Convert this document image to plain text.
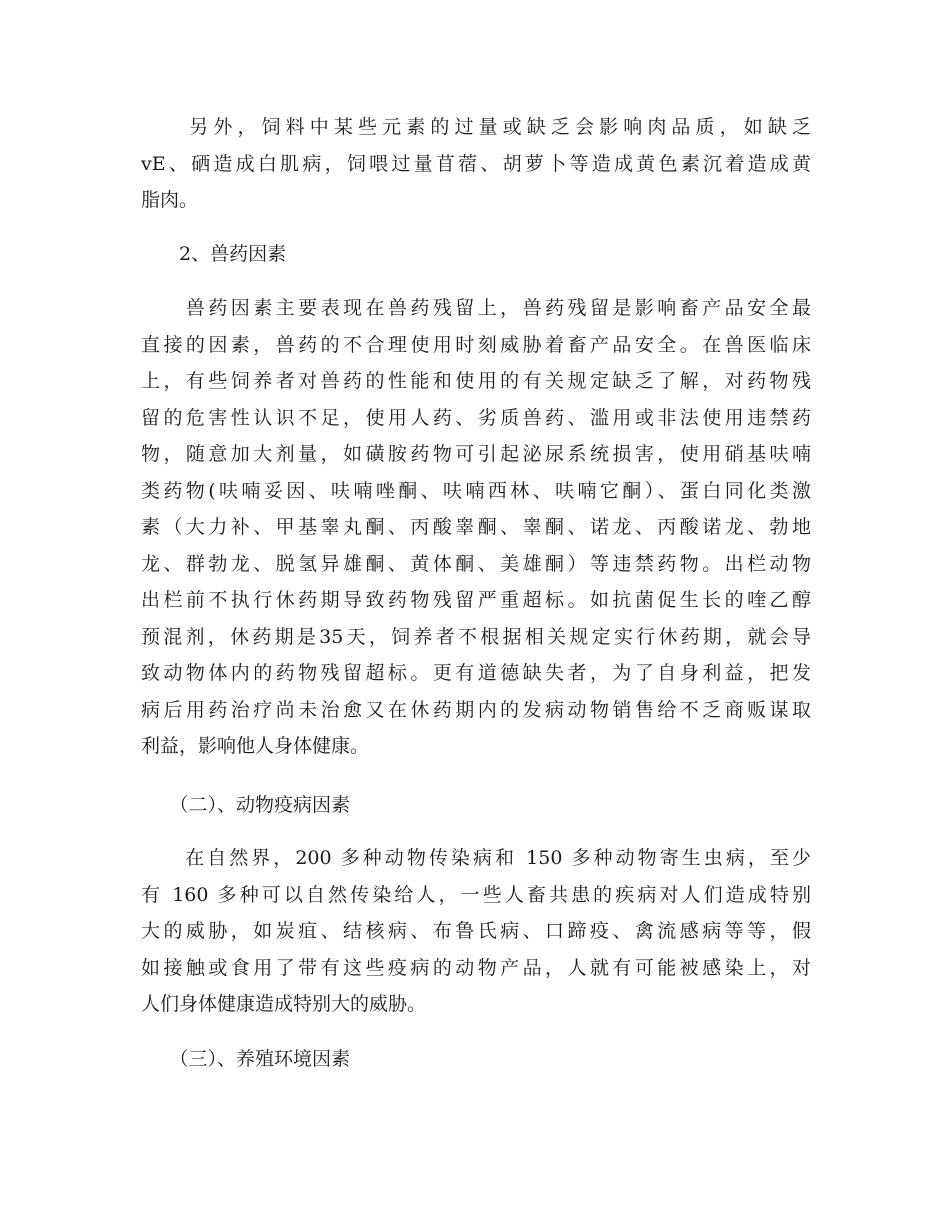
　　另外，饲料中某些元素的过量或缺乏会影响肉品质，如缺乏
vE、硒造成白肌病，饲喂过量苜蓿、胡萝卜等造成黄色素沉着造成黄
脂肉。
　　2、兽药因素
　　兽药因素主要表现在兽药残留上，兽药残留是影响畜产品安全最
直接的因素，兽药的不合理使用时刻威胁着畜产品安全。在兽医临床
上，有些饲养者对兽药的性能和使用的有关规定缺乏了解，对药物残
留的危害性认识不足，使用人药、劣质兽药、滥用或非法使用违禁药
物，随意加大剂量，如磺胺药物可引起泌尿系统损害，使用硝基呋喃
类药物(呋喃妥因、呋喃唑酮、呋喃西林、呋喃它酮）、蛋白同化类激
素（大力补、甲基睾丸酮、丙酸睾酮、睾酮、诺龙、丙酸诺龙、勃地
龙、群勃龙、脱氢异雄酮、黄体酮、美雄酮）等违禁药物。出栏动物
出栏前不执行休药期导致药物残留严重超标。如抗菌促生长的喹乙醇
预混剂，休药期是35天，饲养者不根据相关规定实行休药期，就会导
致动物体内的药物残留超标。更有道德缺失者，为了自身利益，把发
病后用药治疗尚未治愈又在休药期内的发病动物销售给不乏商贩谋取
利益，影响他人身体健康。
　　（二）、动物疫病因素
　　在自然界，200 多种动物传染病和 150 多种动物寄生虫病，至少
有 160 多种可以自然传染给人，一些人畜共患的疾病对人们造成特别
大的威胁，如炭疽、结核病、布鲁氏病、口蹄疫、禽流感病等等，假
如接触或食用了带有这些疫病的动物产品，人就有可能被感染上，对
人们身体健康造成特别大的威胁。
　　（三）、养殖环境因素
